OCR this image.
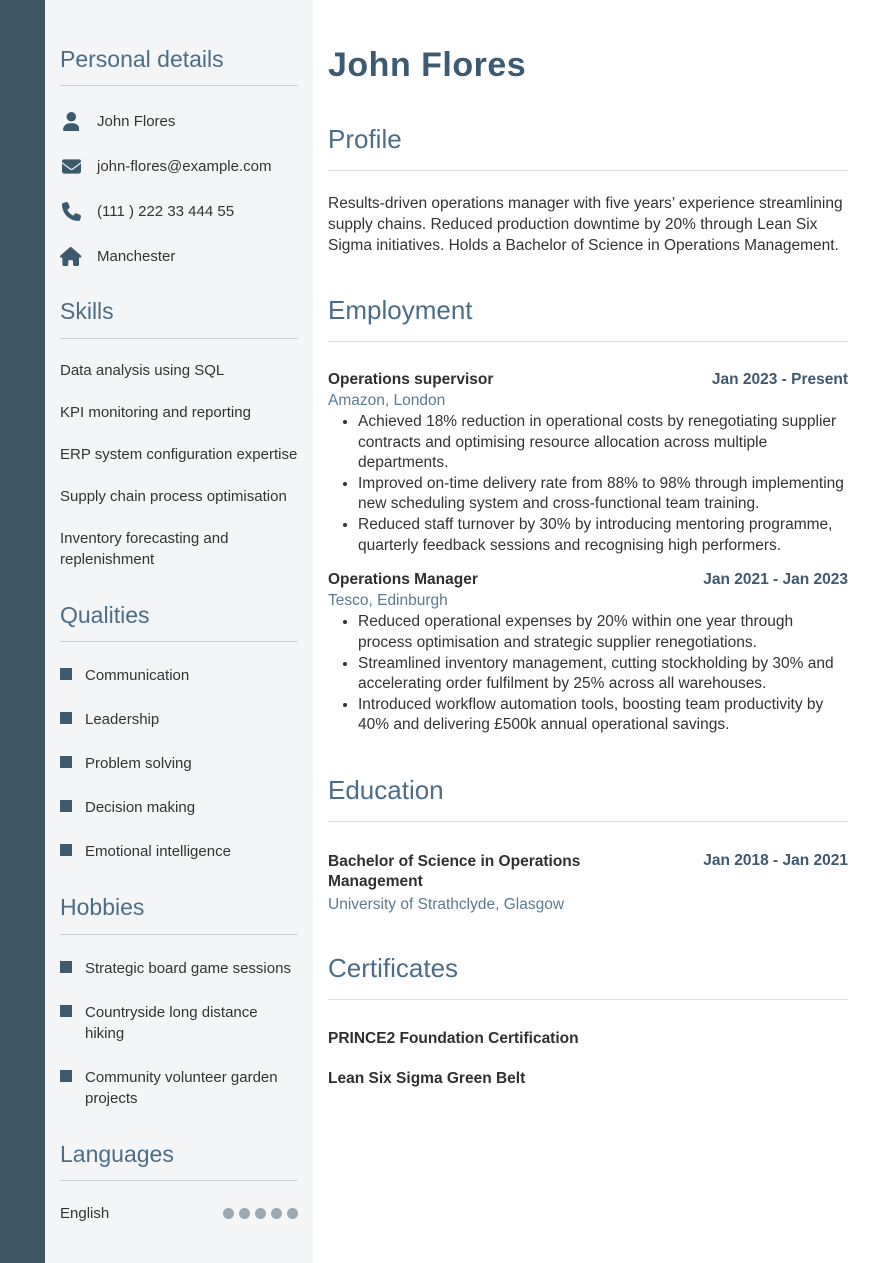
Personal details
John Flores
john-flores@example.com
(111 ) 222 33 444 55
Manchester
Skills
Data analysis using SQL
KPI monitoring and reporting
ERP system configuration expertise
Supply chain process optimisation
Inventory forecasting and replenishment
Qualities
Communication
Leadership
Problem solving
Decision making
Emotional intelligence
Hobbies
Strategic board game sessions
Countryside long distance hiking
Community volunteer garden projects
Languages
English
John Flores
Profile

Results-driven operations manager with five years’ experience streamlining supply chains. Reduced production downtime by 20% through Lean Six Sigma initiatives. Holds a Bachelor of Science in Operations Management.

Employment
Operations supervisor	Jan 2023 - Present
Amazon, London
• Achieved 18% reduction in operational costs by renegotiating supplier contracts and optimising resource allocation across multiple departments.
• Improved on-time delivery rate from 88% to 98% through implementing new scheduling system and cross-functional team training.
• Reduced staff turnover by 30% by introducing mentoring programme, quarterly feedback sessions and recognising high performers.
Operations Manager	Jan 2021 - Jan 2023
Tesco, Edinburgh
• Reduced operational expenses by 20% within one year through process optimisation and strategic supplier renegotiations.
• Streamlined inventory management, cutting stockholding by 30% and accelerating order fulfilment by 25% across all warehouses.
• Introduced workflow automation tools, boosting team productivity by 40% and delivering £500k annual operational savings.
Education
Bachelor of Science in Operations Management
Jan 2018 - Jan 2021
University of Strathclyde, Glasgow
Certificates
PRINCE2 Foundation Certification
Lean Six Sigma Green Belt
